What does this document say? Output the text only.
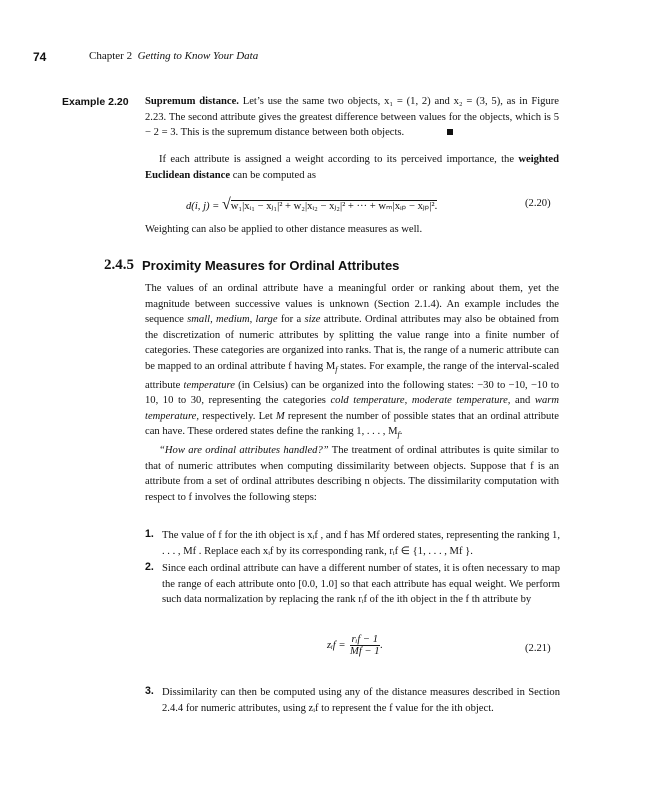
74	Chapter 2 Getting to Know Your Data
Example 2.20 Supremum distance. Let’s use the same two objects, x₁ = (1, 2) and x₂ = (3, 5), as in Figure 2.23. The second attribute gives the greatest difference between values for the objects, which is 5 − 2 = 3. This is the supremum distance between both objects.
If each attribute is assigned a weight according to its perceived importance, the weighted Euclidean distance can be computed as
d(i, j) = √w₁|xᵢ₁ − xⱼ₁|² + w₂|xᵢ₂ − xⱼ₂|² + ··· + wₘ|xᵢₚ − xⱼₚ|².	(2.20)
Weighting can also be applied to other distance measures as well.
2.4.5 Proximity Measures for Ordinal Attributes
The values of an ordinal attribute have a meaningful order or ranking about them, yet the magnitude between successive values is unknown (Section 2.1.4). An example includes the sequence small, medium, large for a size attribute. Ordinal attributes may also be obtained from the discretization of numeric attributes by splitting the value range into a finite number of categories. These categories are organized into ranks. That is, the range of a numeric attribute can be mapped to an ordinal attribute f having $M_f$ states. For example, the range of the interval-scaled attribute temperature (in Celsius) can be organized into the following states: −30 to −10, −10 to 10, 10 to 30, representing the categories cold temperature, moderate temperature, and warm temperature, respectively. Let M represent the number of possible states that an ordinal attribute can have. These ordered states define the ranking 1, . . . , $M_f$.
“How are ordinal attributes handled?” The treatment of ordinal attributes is quite similar to that of numeric attributes when computing dissimilarity between objects. Suppose that f is an attribute from a set of ordinal attributes describing n objects. The dissimilarity computation with respect to f involves the following steps:
1. The value of f for the ith object is xᵢf , and f has Mf ordered states, representing the ranking 1, . . . , Mf . Replace each xᵢf by its corresponding rank, rᵢf ∈ {1, . . . , Mf }.
2. Since each ordinal attribute can have a different number of states, it is often necessary to map the range of each attribute onto [0.0, 1.0] so that each attribute has equal weight. We perform such data normalization by replacing the rank rᵢf of the ith object in the f th attribute by
zᵢf =
rᵢf − 1
Mf − 1
.	(2.21)
3. Dissimilarity can then be computed using any of the distance measures described in Section 2.4.4 for numeric attributes, using zᵢf to represent the f value for the ith object.
